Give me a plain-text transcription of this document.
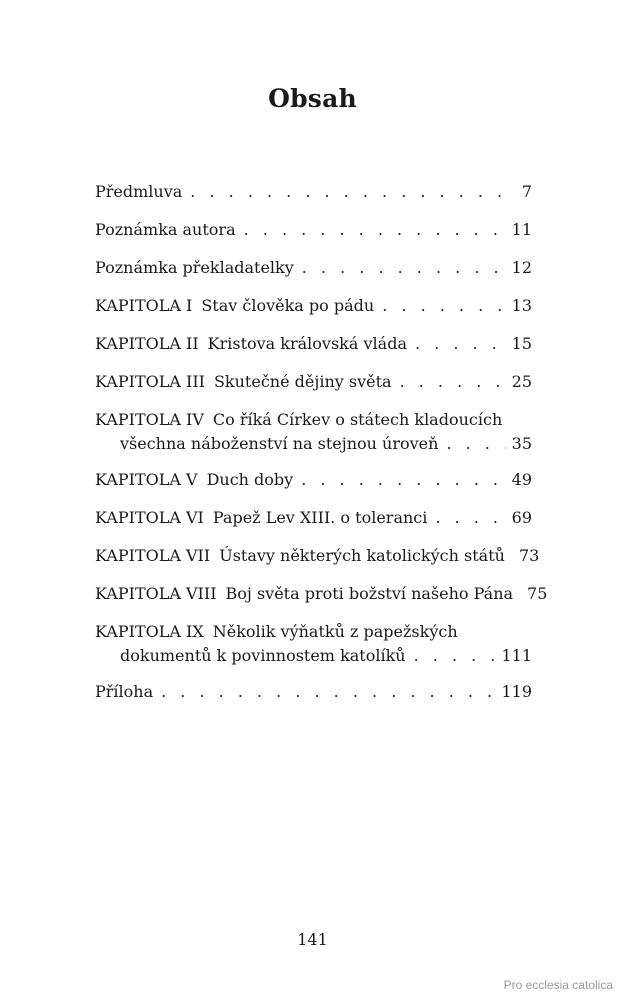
Obsah
Předmluva . . .	7
Poznámka autora . . .	11
Poznámka překladatelky . . .	12
KAPITOLA I Stav člověka po pádu . . .	13
KAPITOLA II Kristova královská vláda . . .	15
KAPITOLA III Skutečné dějiny světa . . .	25
KAPITOLA IV Co říká Církev o státech kladoucích
všechna náboženství na stejnou úroveň . . .	35
KAPITOLA V Duch doby . . .	49
KAPITOLA VI Papež Lev XIII. o toleranci . . .	69
KAPITOLA VII Ústavy některých katolických států 73
KAPITOLA VIII Boj světa proti božství našeho Pána 75
KAPITOLA IX Několik výňatků z papežských
dokumentů k povinnostem katolíků . . .	111
Příloha . . .	119
141
Pro ecclesia catolica
